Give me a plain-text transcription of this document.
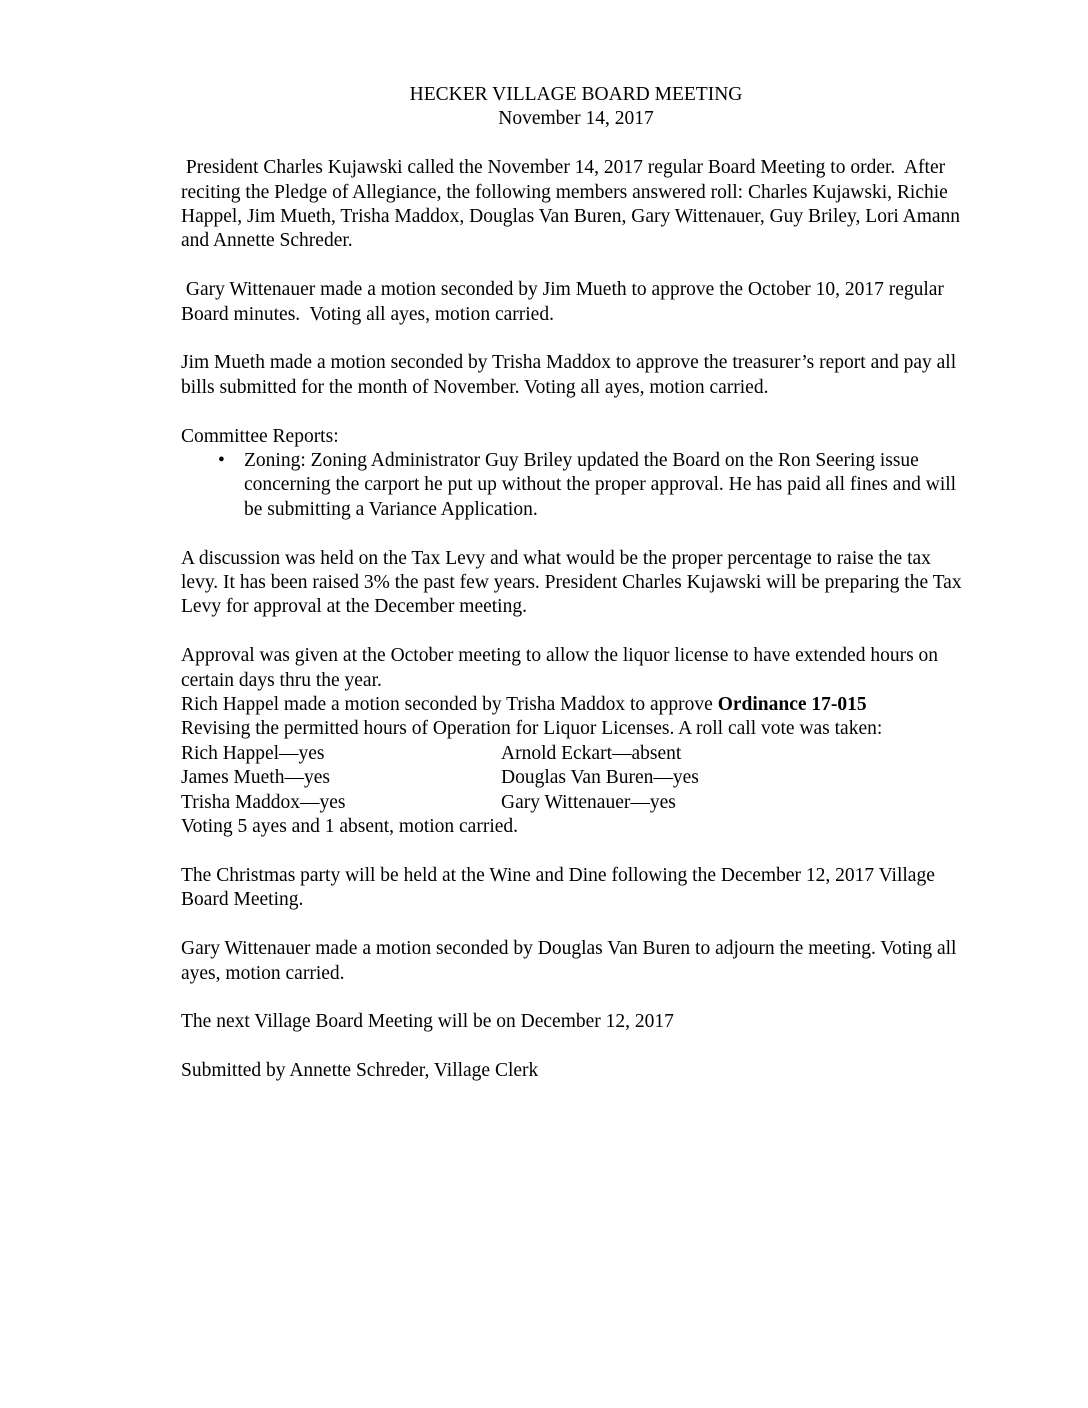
HECKER VILLAGE BOARD MEETING
November 14, 2017

President Charles Kujawski called the November 14, 2017 regular Board Meeting to order.  After reciting the Pledge of Allegiance, the following members answered roll: Charles Kujawski, Richie Happel, Jim Mueth, Trisha Maddox, Douglas Van Buren, Gary Wittenauer, Guy Briley, Lori Amann and Annette Schreder.

Gary Wittenauer made a motion seconded by Jim Mueth to approve the October 10, 2017 regular Board minutes.  Voting all ayes, motion carried.

Jim Mueth made a motion seconded by Trisha Maddox to approve the treasurer’s report and pay all bills submitted for the month of November. Voting all ayes, motion carried.

Committee Reports:

• Zoning: Zoning Administrator Guy Briley updated the Board on the Ron Seering issue concerning the carport he put up without the proper approval. He has paid all fines and will be submitting a Variance Application.

A discussion was held on the Tax Levy and what would be the proper percentage to raise the tax levy. It has been raised 3% the past few years. President Charles Kujawski will be preparing the Tax Levy for approval at the December meeting.

Approval was given at the October meeting to allow the liquor license to have extended hours on certain days thru the year.

Rich Happel made a motion seconded by Trisha Maddox to approve Ordinance 17-015
Revising the permitted hours of Operation for Liquor Licenses. A roll call vote was taken:

Rich Happel—yes	Arnold Eckart—absent
James Mueth—yes	Douglas Van Buren—yes
Trisha Maddox—yes	Gary Wittenauer—yes

Voting 5 ayes and 1 absent, motion carried.

The Christmas party will be held at the Wine and Dine following the December 12, 2017 Village Board Meeting.

Gary Wittenauer made a motion seconded by Douglas Van Buren to adjourn the meeting. Voting all ayes, motion carried.

The next Village Board Meeting will be on December 12, 2017

Submitted by Annette Schreder, Village Clerk
